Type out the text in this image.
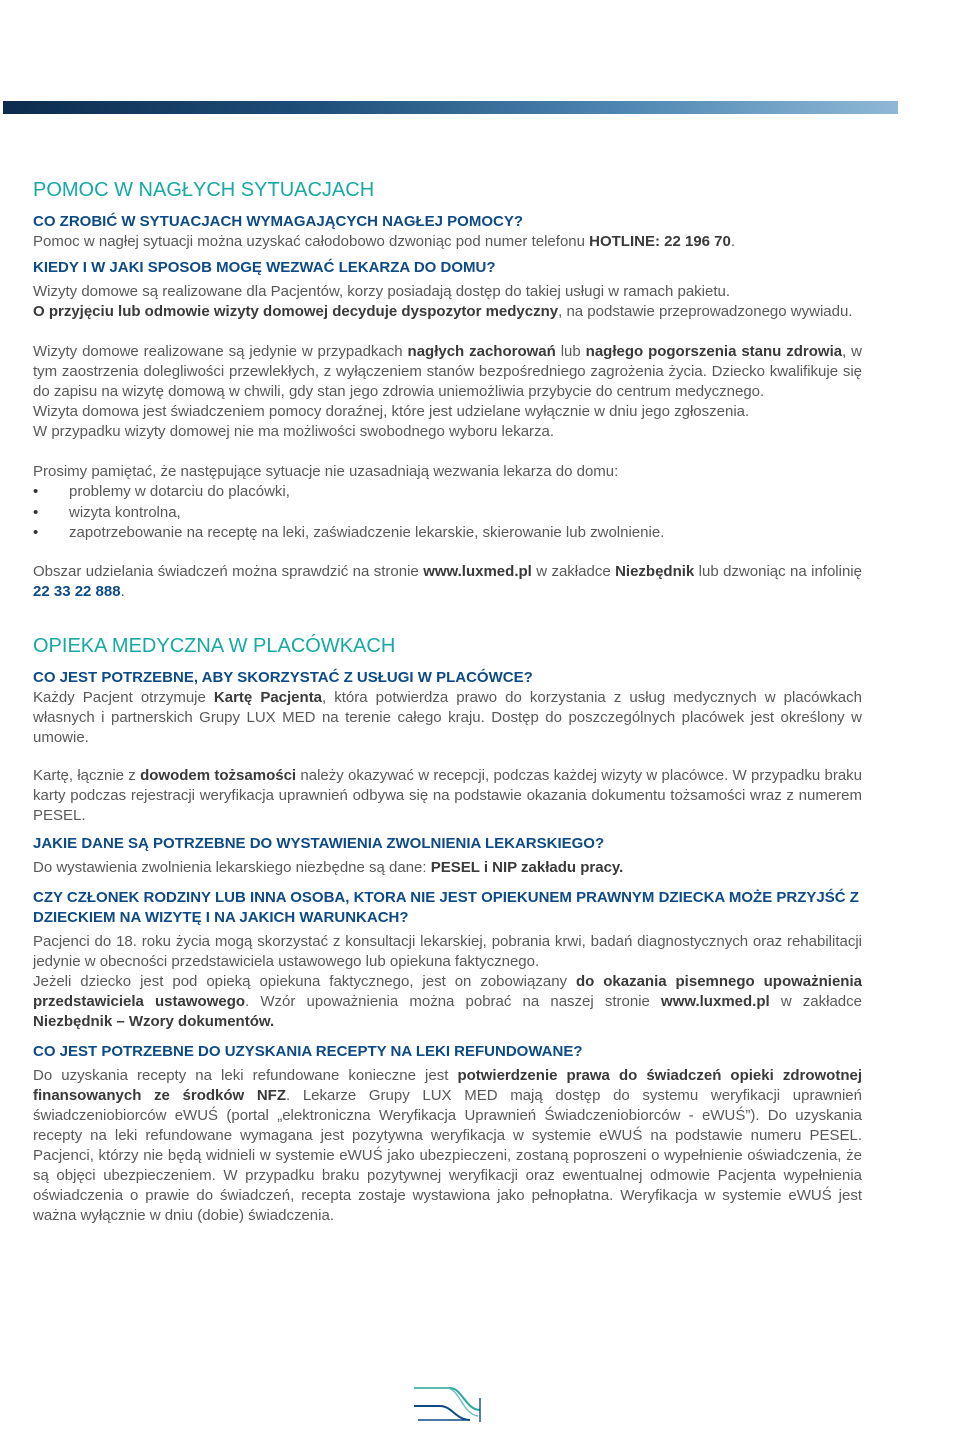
POMOC W NAGŁYCH SYTUACJACH
CO ZROBIĆ W SYTUACJACH WYMAGAJĄCYCH NAGŁEJ POMOCY?

Pomoc w nagłej sytuacji można uzyskać całodobowo dzwoniąc pod numer telefonu HOTLINE: 22 196 70.

KIEDY I W JAKI SPOSOB MOGĘ WEZWAĆ LEKARZA DO DOMU?

Wizyty domowe są realizowane dla Pacjentów, korzy posiadają dostęp do takiej usługi w ramach pakietu.

O przyjęciu lub odmowie wizyty domowej decyduje dyspozytor medyczny, na podstawie przeprowadzonego wywiadu.

Wizyty domowe realizowane są jedynie w przypadkach nagłych zachorowań lub nagłego pogorszenia stanu zdrowia, w tym zaostrzenia dolegliwości przewlekłych, z wyłączeniem stanów bezpośredniego zagrożenia życia. Dziecko kwalifikuje się do zapisu na wizytę domową w chwili, gdy stan jego zdrowia uniemożliwia przybycie do centrum medycznego.

Wizyta domowa jest świadczeniem pomocy doraźnej, które jest udzielane wyłącznie w dniu jego zgłoszenia.

W przypadku wizyty domowej nie ma możliwości swobodnego wyboru lekarza.

Prosimy pamiętać, że następujące sytuacje nie uzasadniają wezwania lekarza do domu:

• problemy w dotarciu do placówki,
• wizyta kontrolna,
• zapotrzebowanie na receptę na leki, zaświadczenie lekarskie, skierowanie lub zwolnienie.

Obszar udzielania świadczeń można sprawdzić na stronie www.luxmed.pl w zakładce Niezbędnik lub dzwoniąc na infolinię 22 33 22 888.

OPIEKA MEDYCZNA W PLACÓWKACH
CO JEST POTRZEBNE, ABY SKORZYSTAĆ Z USŁUGI W PLACÓWCE?

Każdy Pacjent otrzymuje Kartę Pacjenta, która potwierdza prawo do korzystania z usług medycznych w placówkach własnych i partnerskich Grupy LUX MED na terenie całego kraju. Dostęp do poszczególnych placówek jest określony w umowie.

Kartę, łącznie z dowodem tożsamości należy okazywać w recepcji, podczas każdej wizyty w placówce. W przypadku braku karty podczas rejestracji weryfikacja uprawnień odbywa się na podstawie okazania dokumentu tożsamości wraz z numerem PESEL.

JAKIE DANE SĄ POTRZEBNE DO WYSTAWIENIA ZWOLNIENIA LEKARSKIEGO?

Do wystawienia zwolnienia lekarskiego niezbędne są dane: PESEL i NIP zakładu pracy.

CZY CZŁONEK RODZINY LUB INNA OSOBA, KTORA NIE JEST OPIEKUNEM PRAWNYM DZIECKA MOŻE PRZYJŚĆ Z DZIECKIEM NA WIZYTĘ I NA JAKICH WARUNKACH?

Pacjenci do 18. roku życia mogą skorzystać z konsultacji lekarskiej, pobrania krwi, badań diagnostycznych oraz rehabilitacji jedynie w obecności przedstawiciela ustawowego lub opiekuna faktycznego.

Jeżeli dziecko jest pod opieką opiekuna faktycznego, jest on zobowiązany do okazania pisemnego upoważnienia przedstawiciela ustawowego. Wzór upoważnienia można pobrać na naszej stronie www.luxmed.pl w zakładce Niezbędnik – Wzory dokumentów.

CO JEST POTRZEBNE DO UZYSKANIA RECEPTY NA LEKI REFUNDOWANE?

Do uzyskania recepty na leki refundowane konieczne jest potwierdzenie prawa do świadczeń opieki zdrowotnej finansowanych ze środków NFZ. Lekarze Grupy LUX MED mają dostęp do systemu weryfikacji uprawnień świadczeniobiorców eWUŚ (portal „elektroniczna Weryfikacja Uprawnień Świadczeniobiorców - eWUŚ”). Do uzyskania recepty na leki refundowane wymagana jest pozytywna weryfikacja w systemie eWUŚ na podstawie numeru PESEL. Pacjenci, którzy nie będą widnieli w systemie eWUŚ jako ubezpieczeni, zostaną poproszeni o wypełnienie oświadczenia, że są objęci ubezpieczeniem. W przypadku braku pozytywnej weryfikacji oraz ewentualnej odmowie Pacjenta wypełnienia oświadczenia o prawie do świadczeń, recepta zostaje wystawiona jako pełnopłatna. Weryfikacja w systemie eWUŚ jest ważna wyłącznie w dniu (dobie) świadczenia.
